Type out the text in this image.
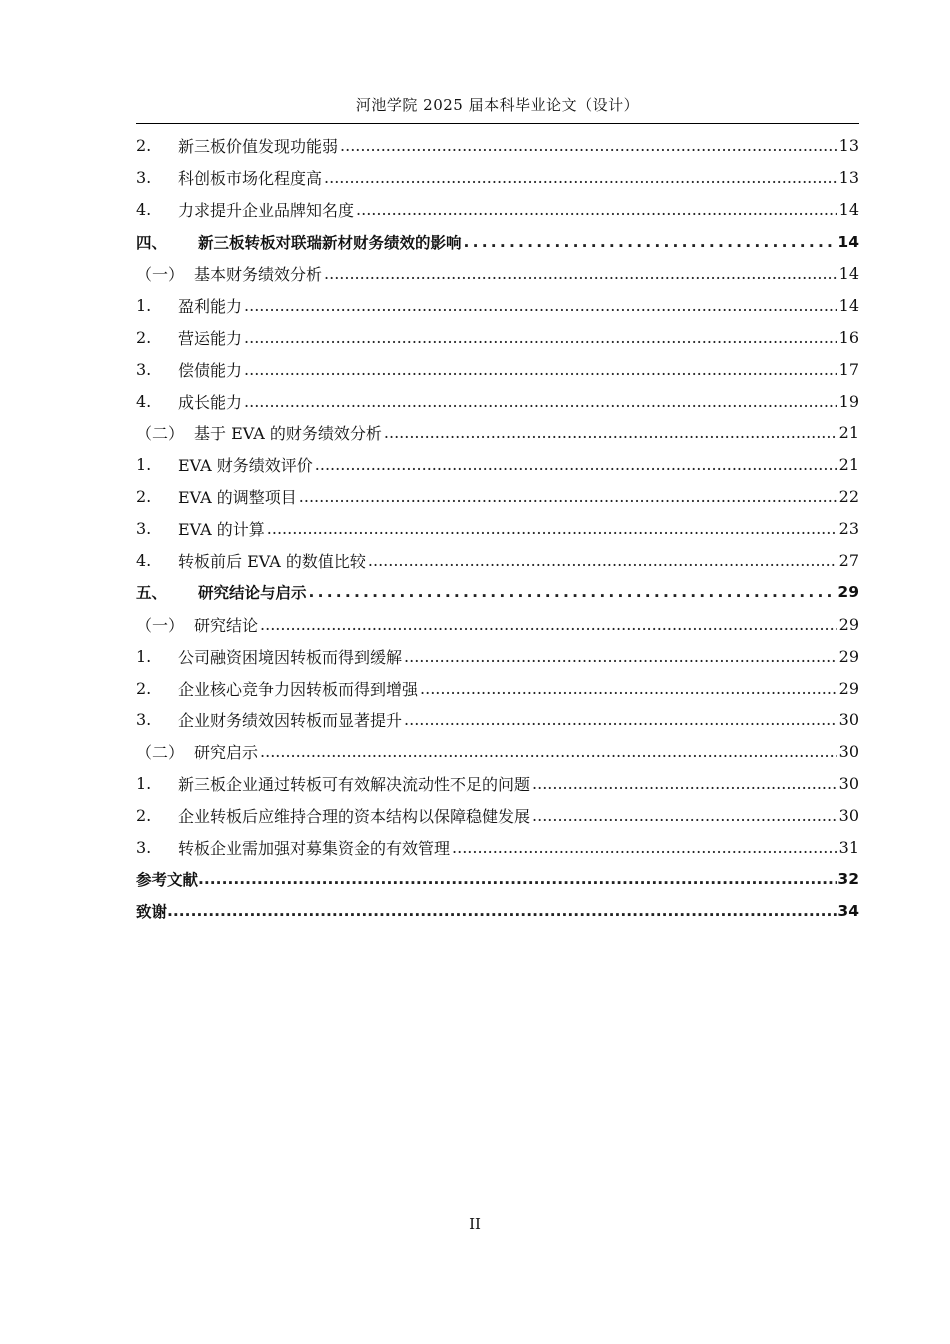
河池学院 2025 届本科毕业论文（设计）
2.	新三板价值发现功能弱 .....	13
3.	科创板市场化程度高 .....	13
4.	力求提升企业品牌知名度 .....	14
四、	新三板转板对联瑞新材财务绩效的影响 .....	14
（一） 基本财务绩效分析 .....	14
1.	盈利能力 .....	14
2.	营运能力 .....	16
3.	偿债能力 .....	17
4.	成长能力 .....	19
（二） 基于 EVA 的财务绩效分析 .....	21
1.	EVA 财务绩效评价 .....	21
2.	EVA 的调整项目 .....	22
3.	EVA 的计算 .....	23
4.	转板前后 EVA 的数值比较 .....	27
五、	研究结论与启示 .....	29
（一） 研究结论 .....	29
1.	公司融资困境因转板而得到缓解 .....	29
2.	企业核心竞争力因转板而得到增强 .....	29
3.	企业财务绩效因转板而显著提升 .....	30
（二） 研究启示 .....	30
1.	新三板企业通过转板可有效解决流动性不足的问题 .....	30
2.	企业转板后应维持合理的资本结构以保障稳健发展 .....	30
3.	转板企业需加强对募集资金的有效管理 .....	31
参考文献 .....	32
致谢 .....	34
II
